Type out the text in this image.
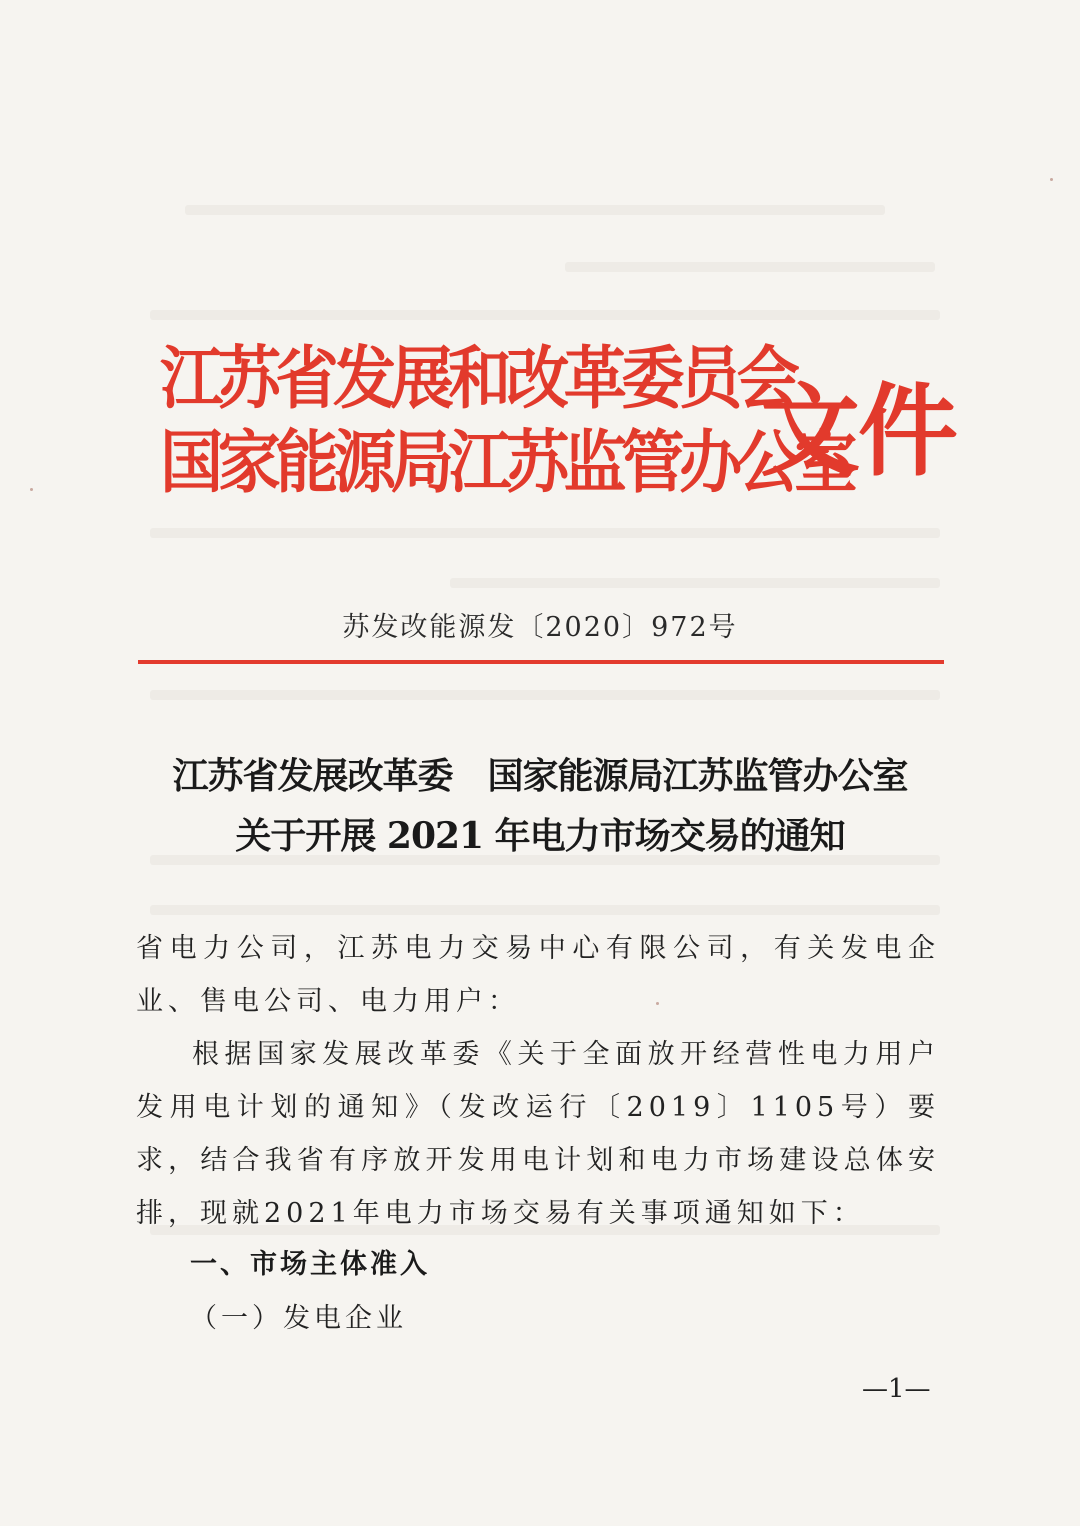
江苏省发展和改革委员会
国家能源局江苏监管办公室
文件
苏发改能源发〔2020〕972号
江苏省发展改革委　国家能源局江苏监管办公室
关于开展 2021 年电力市场交易的通知
省电力公司，江苏电力交易中心有限公司，有关发电企业、售电公司、电力用户：
根据国家发展改革委《关于全面放开经营性电力用户发用电计划的通知》（发改运行〔2019〕1105号）要求，结合我省有序放开发用电计划和电力市场建设总体安排，现就2021年电力市场交易有关事项通知如下：
一、市场主体准入
（一）发电企业
—1—
